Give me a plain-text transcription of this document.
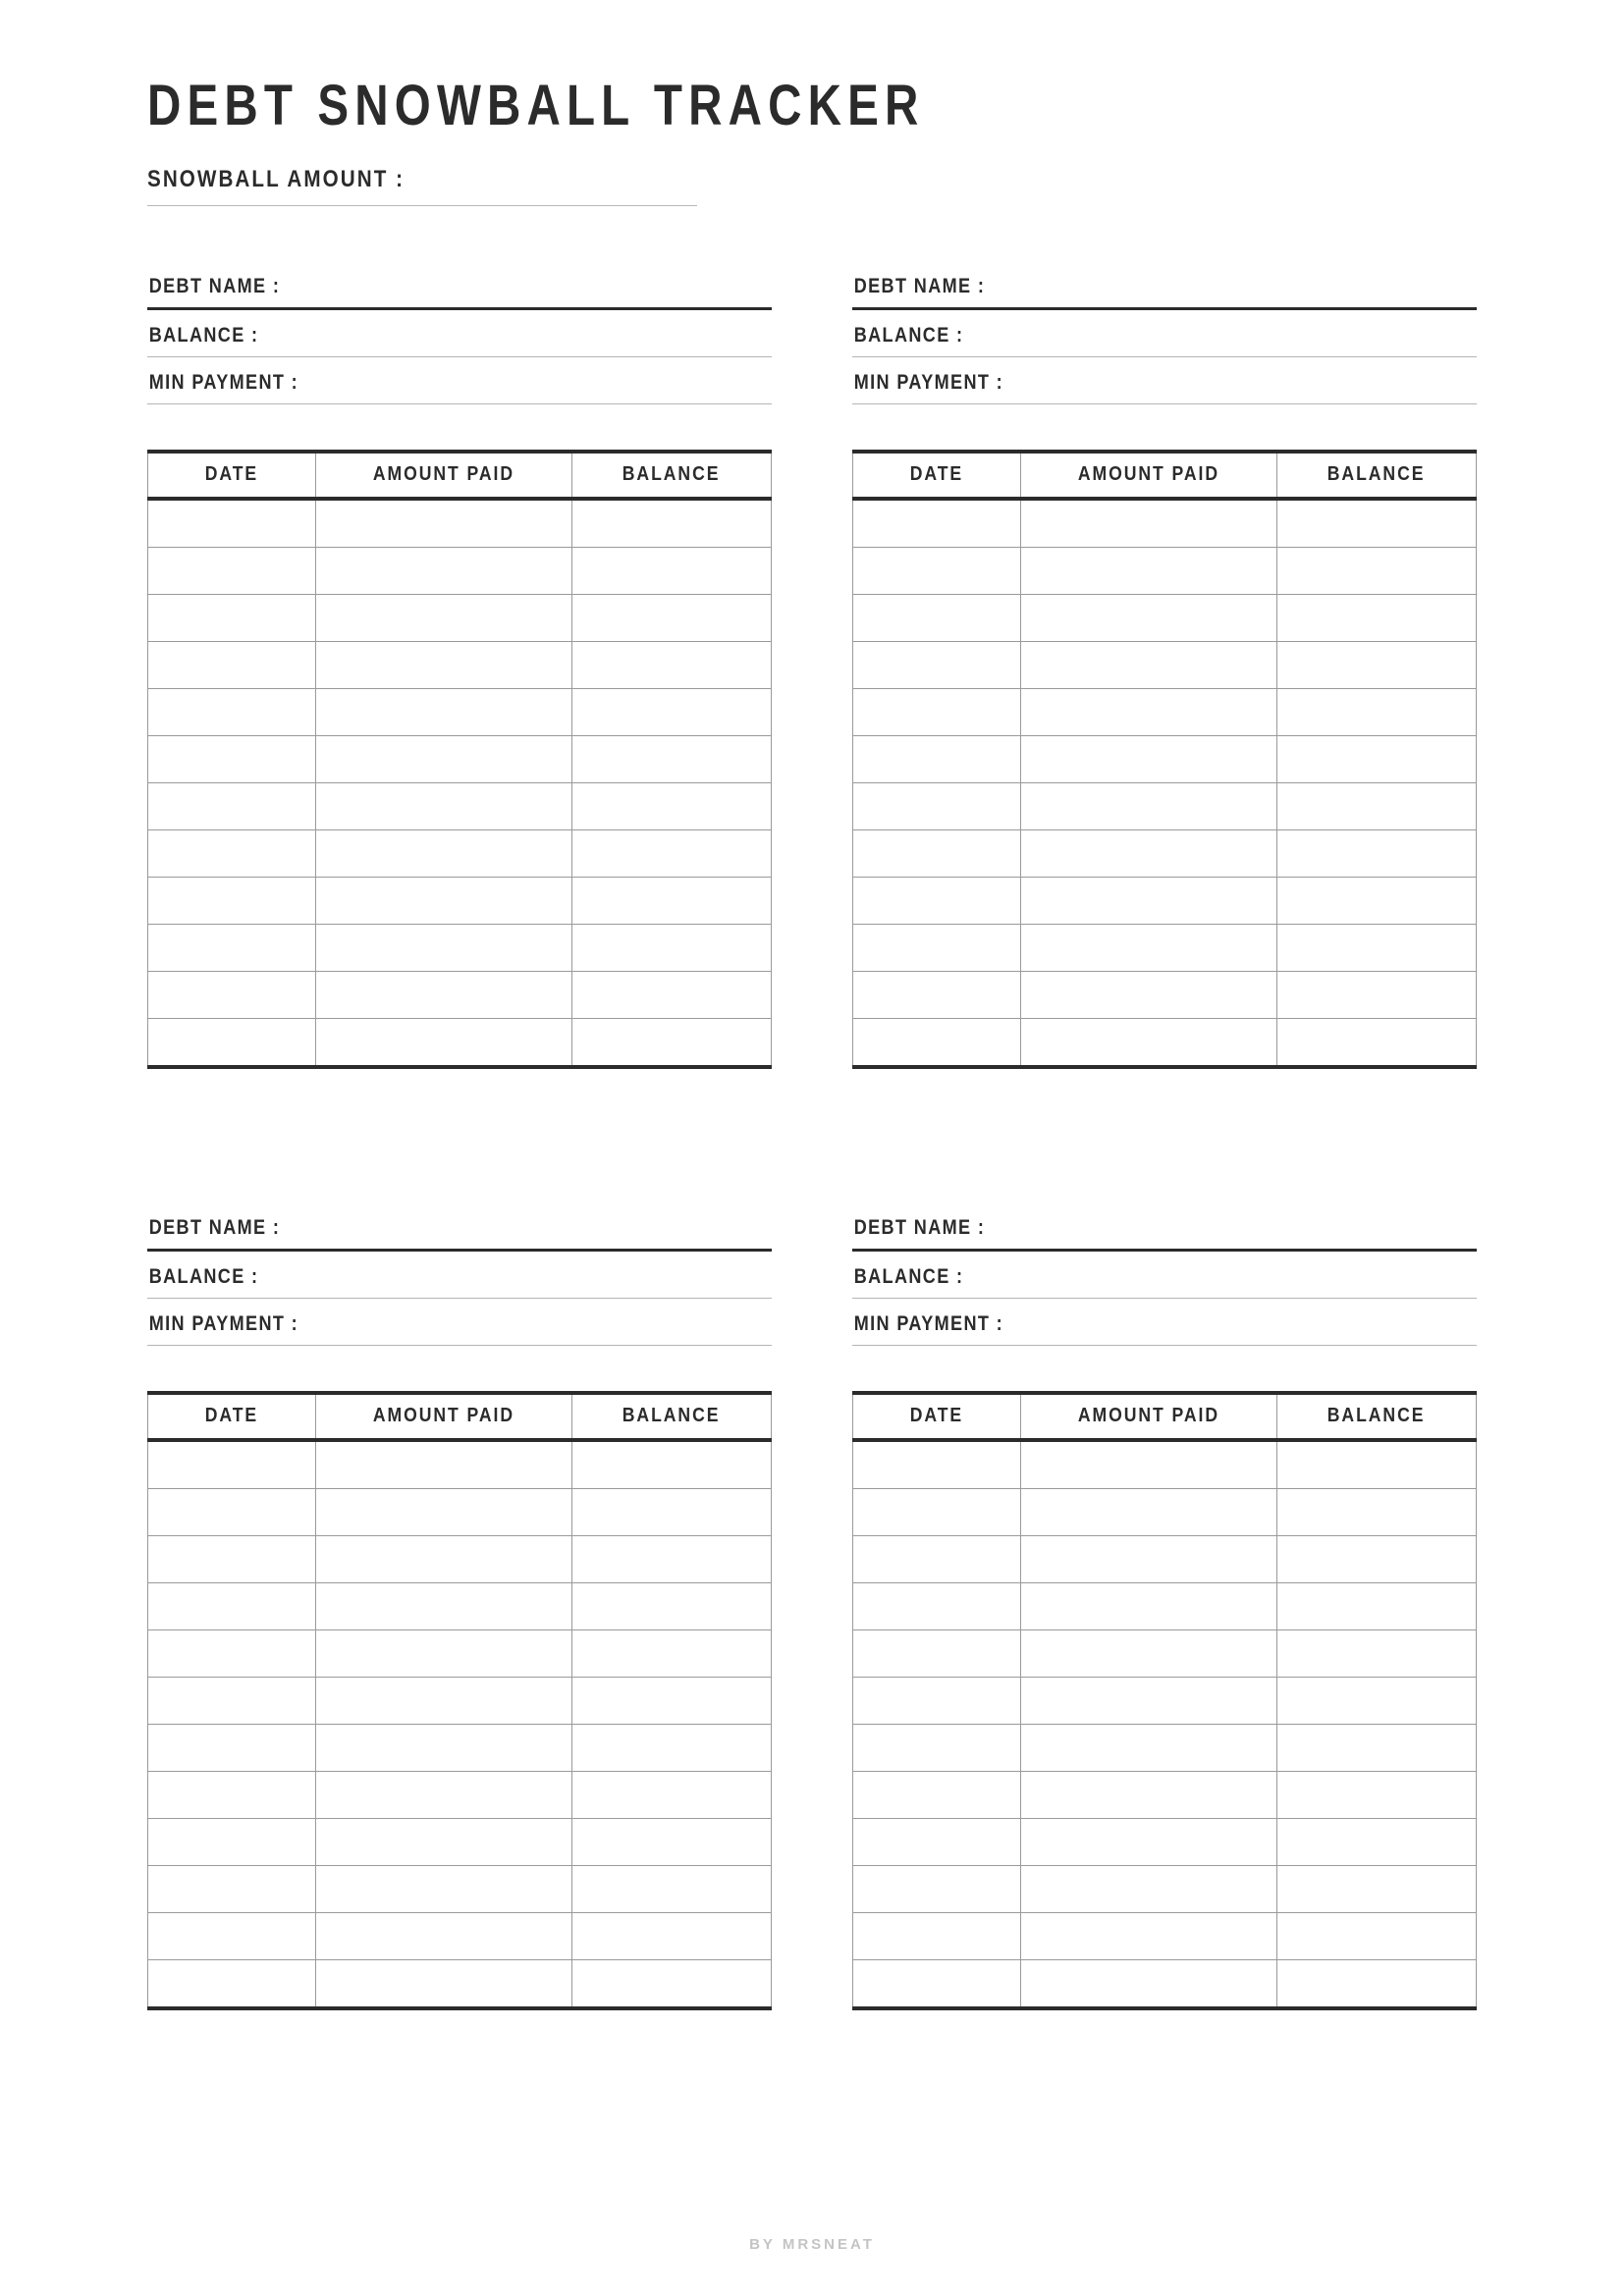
DEBT SNOWBALL TRACKER
SNOWBALL AMOUNT :
DEBT NAME :
BALANCE :
MIN PAYMENT :
DATE	AMOUNT PAID	BALANCE

DEBT NAME :
BALANCE :
MIN PAYMENT :
DATE	AMOUNT PAID	BALANCE

DEBT NAME :
BALANCE :
MIN PAYMENT :
DATE	AMOUNT PAID	BALANCE

DEBT NAME :
BALANCE :
MIN PAYMENT :
DATE	AMOUNT PAID	BALANCE

BY MRSNEAT
